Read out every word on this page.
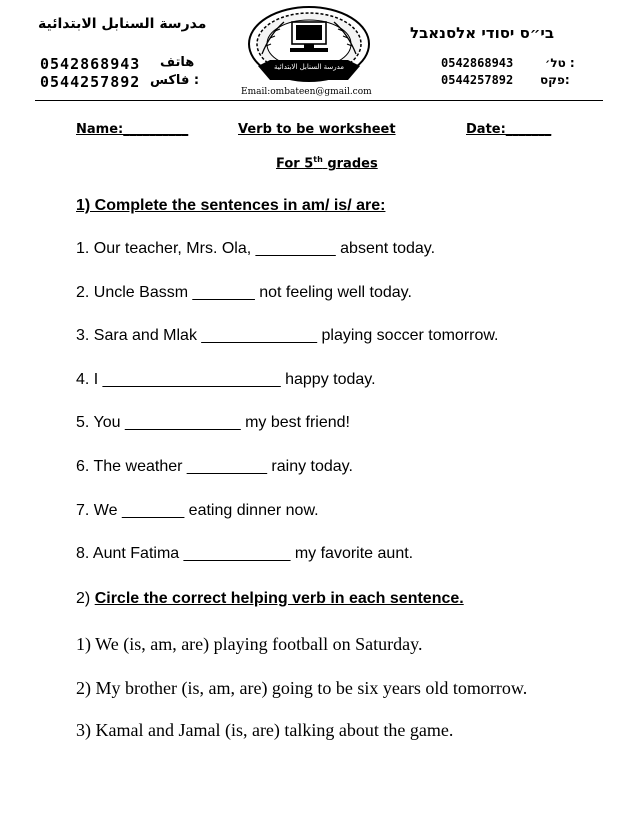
مدرسة السنابل الابتدائية
0542868943 هاتف
0544257892 فاكس :
בי״ס יסודי אלסנאבל
0542868943	טל׳ :
0544257892 פקס:
مدرسة السنابل الابتدائية
Email:ombateen@gmail.com
Name:__________	Verb to be worksheet	Date:_______
For 5th grades
1) Complete the sentences in am/ is/ are:
1. Our teacher, Mrs. Ola, _________ absent today.
2. Uncle Bassm _______ not feeling well today.
3. Sara and Mlak _____________ playing soccer tomorrow.
4. I ____________________ happy today.
5. You _____________ my best friend!
6. The weather _________ rainy today.
7. We _______ eating dinner now.
8. Aunt Fatima ____________ my favorite aunt.
2) Circle the correct helping verb in each sentence.
1) We (is, am, are) playing football on Saturday.
2) My brother (is, am, are) going to be six years old tomorrow.
3) Kamal and Jamal (is, are) talking about the game.
